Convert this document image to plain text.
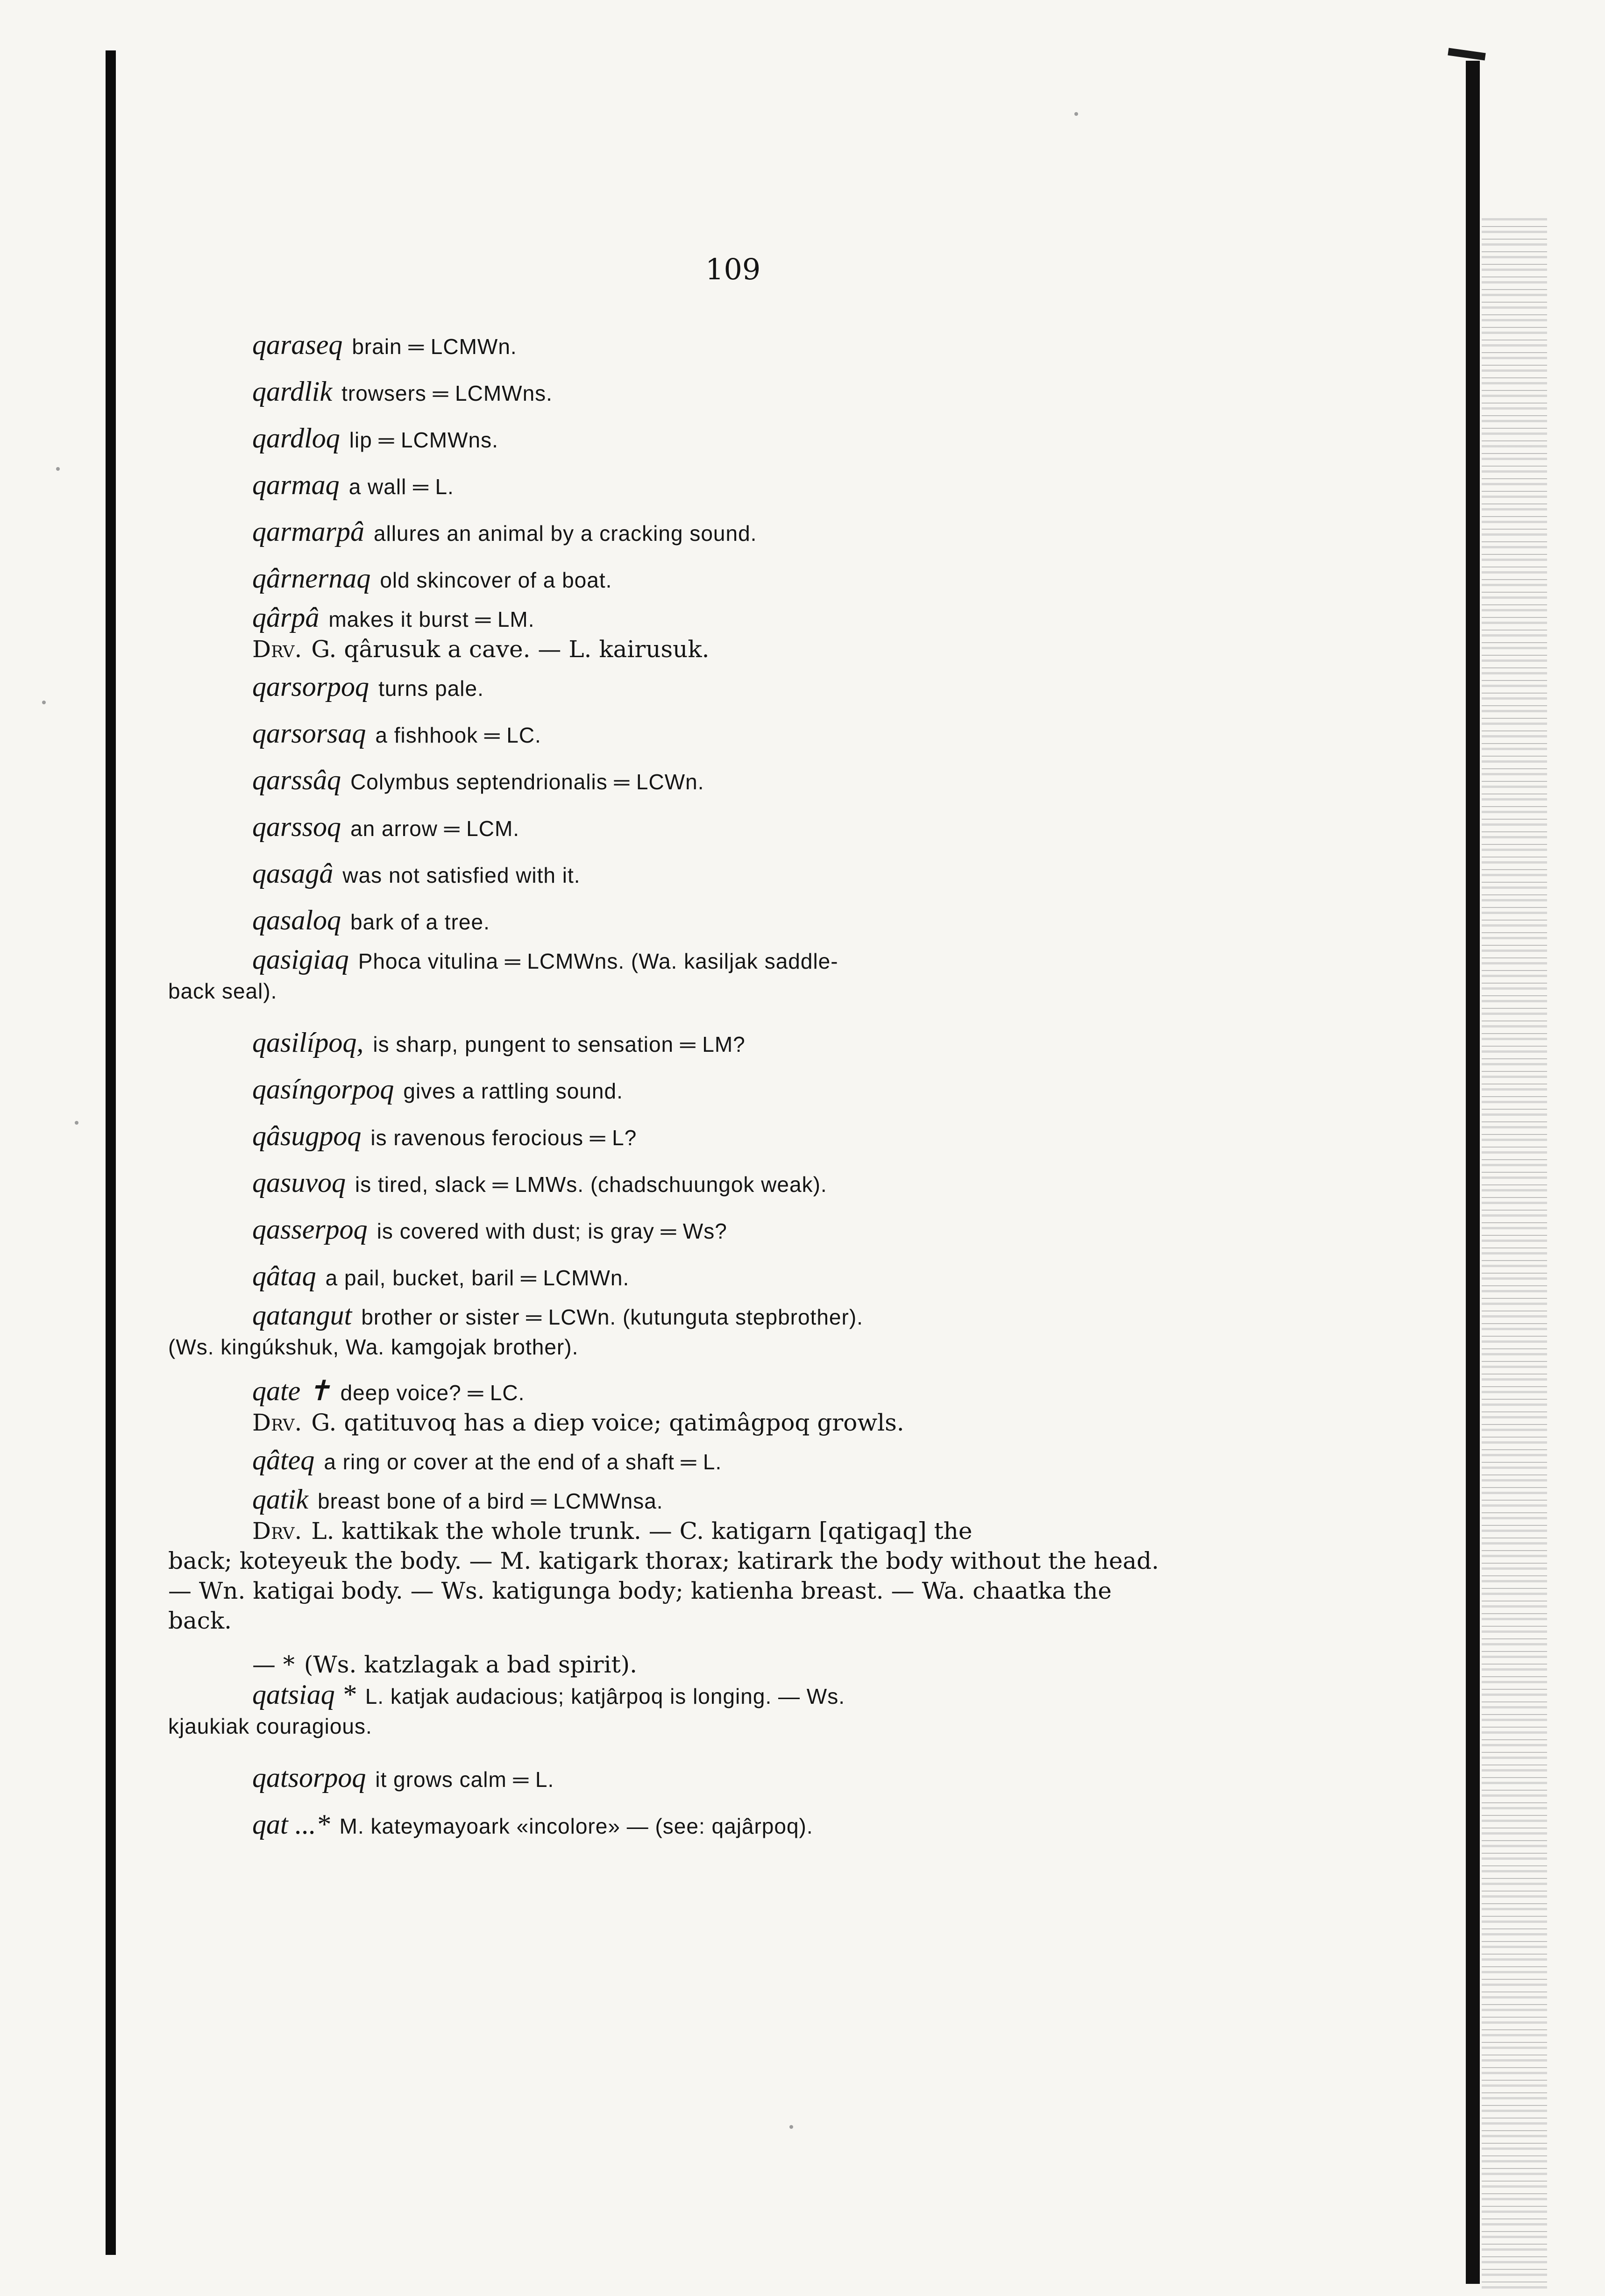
109
qaraseq brain ═ LCMWn.
qardlik trowsers ═ LCMWns.
qardloq lip ═ LCMWns.
qarmaq a wall ═ L.
qarmarpâ allures an animal by a cracking sound.
qârnernaq old skincover of a boat.
qârpâ makes it burst ═ LM.
Drv. G. qârusuk a cave. — L. kairusuk.
qarsorpoq turns pale.
qarsorsaq a fishhook ═ LC.
qarssâq Colymbus septendrionalis ═ LCWn.
qarssoq an arrow ═ LCM.
qasagâ was not satisfied with it.
qasaloq bark of a tree.
qasigiaq Phoca vitulina ═ LCMWns. (Wa. kasiljak saddle-
back seal).
qasilípoq, is sharp, pungent to sensation ═ LM?
qasíngorpoq gives a rattling sound.
qâsugpoq is ravenous ferocious ═ L?
qasuvoq is tired, slack ═ LMWs. (chadschuungok weak).
qasserpoq is covered with dust; is gray ═ Ws?
qâtaq a pail, bucket, baril ═ LCMWn.
qatangut brother or sister ═ LCWn. (kutunguta stepbrother).
(Ws. kingúkshuk, Wa. kamgojak brother).
qate ✝ deep voice? ═ LC.
Drv. G. qatituvoq has a diep voice; qatimâgpoq growls.
qâteq a ring or cover at the end of a shaft ═ L.
qatik breast bone of a bird ═ LCMWnsa.
Drv. L. kattikak the whole trunk. — C. katigarn [qatigaq] the
back; koteyeuk the body. — M. katigark thorax; katirark the body without the head. — Wn. katigai body. — Ws. katigunga body; katienha breast. — Wa. chaatka the back.
— * (Ws. katzlagak a bad spirit).
qatsiaq * L. katjak audacious; katjârpoq is longing. — Ws.
kjaukiak couragious.
qatsorpoq it grows calm ═ L.
qat ...* M. kateymayoark «incolore» — (see: qajârpoq).
